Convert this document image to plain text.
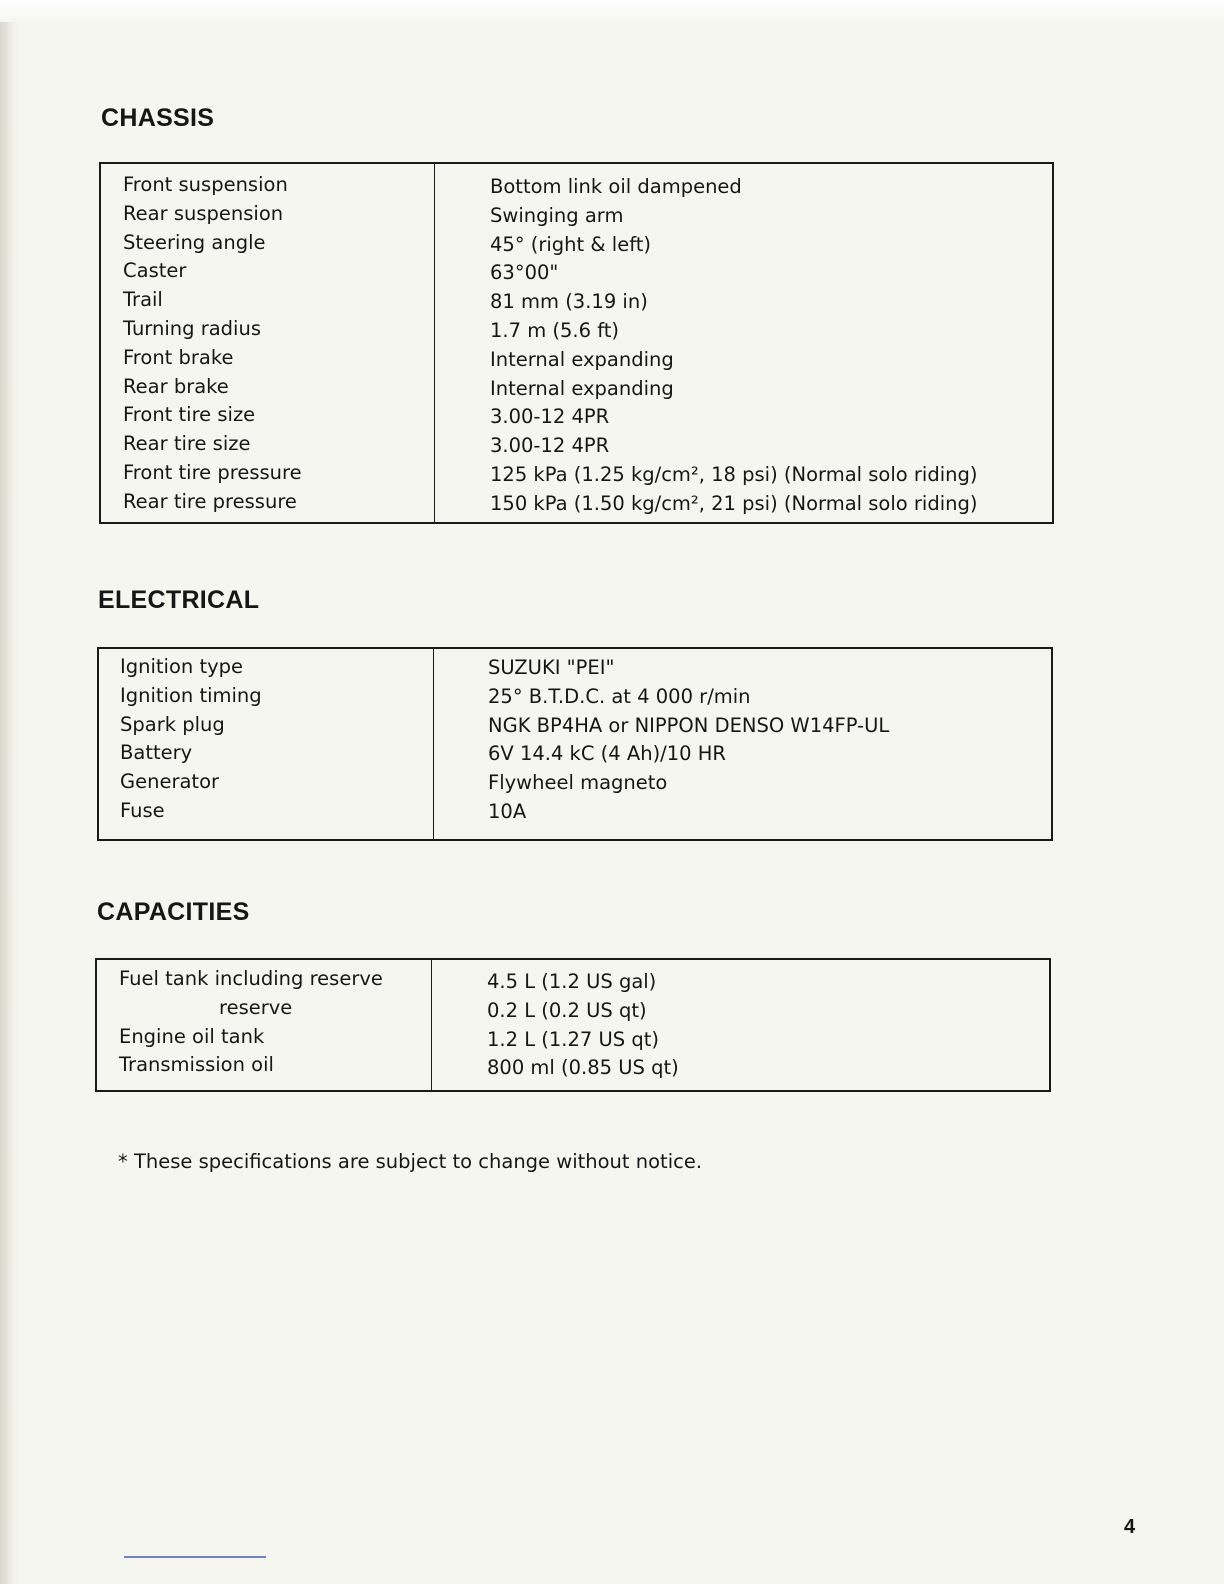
CHASSIS
Front suspension
Rear suspension
Steering angle
Caster
Trail
Turning radius
Front brake
Rear brake
Front tire size
Rear tire size
Front tire pressure
Rear tire pressure
Bottom link oil dampened
Swinging arm
45° (right & left)
63°00"
81 mm (3.19 in)
1.7 m (5.6 ft)
Internal expanding
Internal expanding
3.00-12 4PR
3.00-12 4PR
125 kPa (1.25 kg/cm², 18 psi) (Normal solo riding)
150 kPa (1.50 kg/cm², 21 psi) (Normal solo riding)
ELECTRICAL
Ignition type
Ignition timing
Spark plug
Battery
Generator
Fuse
SUZUKI "PEI"
25° B.T.D.C. at 4 000 r/min
NGK BP4HA or NIPPON DENSO W14FP-UL
6V 14.4 kC (4 Ah)/10 HR
Flywheel magneto
10A
CAPACITIES
Fuel tank including reserve
reserve
Engine oil tank
Transmission oil
4.5 L (1.2 US gal)
0.2 L (0.2 US qt)
1.2 L (1.27 US qt)
800 ml (0.85 US qt)
* These specifications are subject to change without notice.
4
